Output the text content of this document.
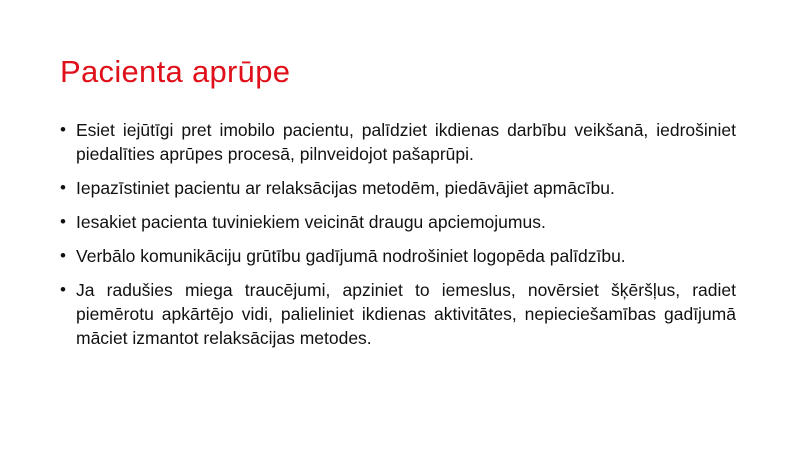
Pacienta aprūpe
• Esiet iejūtīgi pret imobilo pacientu, palīdziet ikdienas darbību veikšanā, iedrošiniet piedalīties aprūpes procesā, pilnveidojot pašaprūpi.
• Iepazīstiniet pacientu ar relaksācijas metodēm, piedāvājiet apmācību.
• Iesakiet pacienta tuviniekiem veicināt draugu apciemojumus.
• Verbālo komunikāciju grūtību gadījumā nodrošiniet logopēda palīdzību.
• Ja radušies miega traucējumi, apziniet to iemeslus, novērsiet šķēršļus, radiet piemērotu apkārtējo vidi, palieliniet ikdienas aktivitātes, nepieciešamības gadījumā māciet izmantot relaksācijas metodes.
